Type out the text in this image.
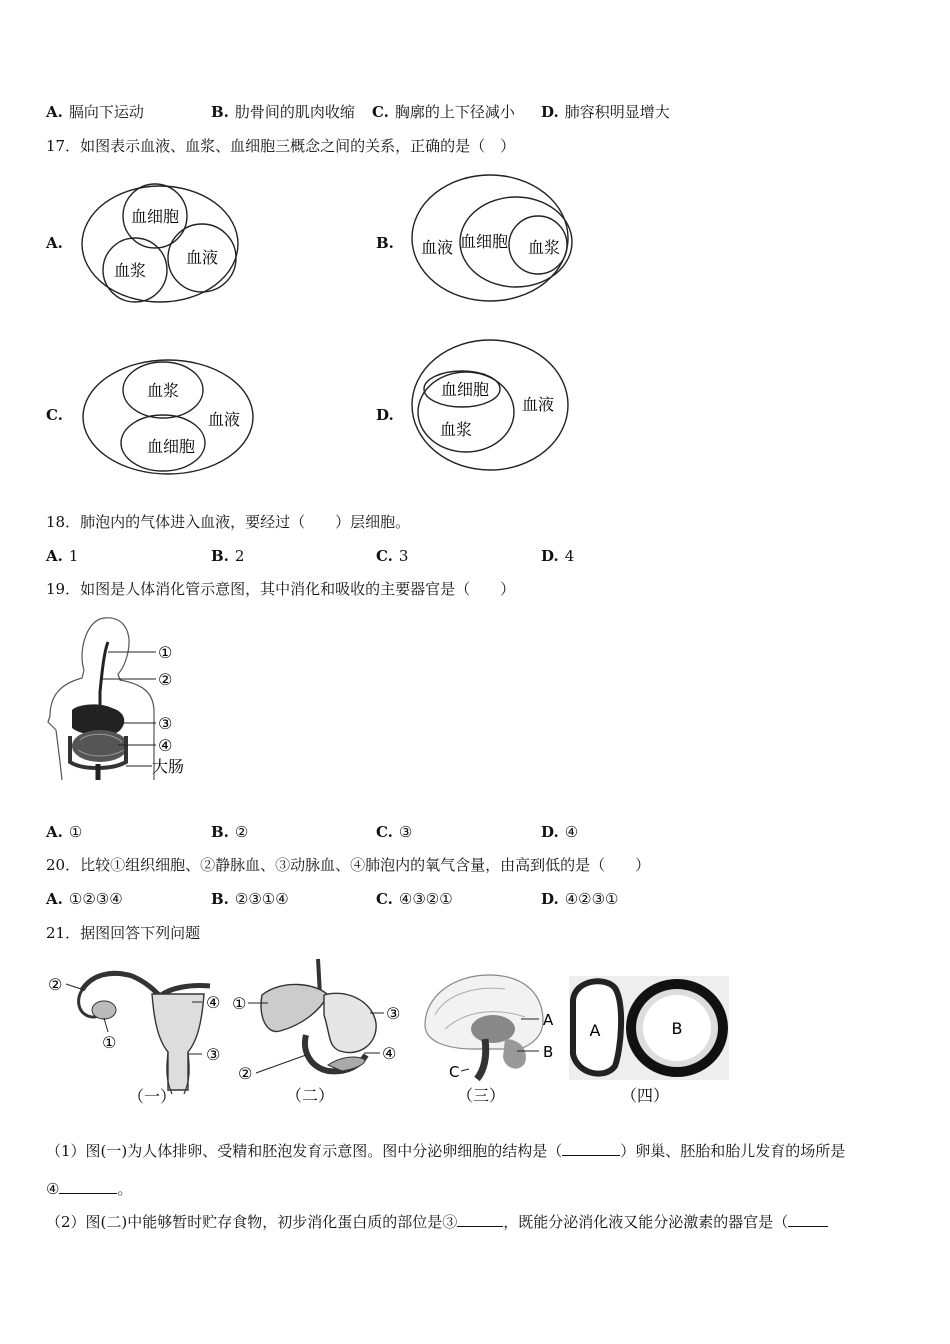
A. 膈向下运动	B. 肋骨间的肌肉收缩 C. 胸廓的上下径减小 D. 肺容积明显增大
17．如图表示血液、血浆、血细胞三概念之间的关系，正确的是（　）
A.
血细胞
血浆
血液
B.	血液 血细胞 血浆
C.
血浆
血液
血细胞
D.
血细胞
血液
血浆
18．肺泡内的气体进入血液，要经过（　　）层细胞。
A. 1	B. 2	C. 3	D. 4
19．如图是人体消化管示意图，其中消化和吸收的主要器官是（　　）
①
②
③
④
大肠
A. ①	B. ②	C. ③	D. ④
20．比较①组织细胞、②静脉血、③动脉血、④肺泡内的氧气含量，由高到低的是（　　）
A. ①②③④	B. ②③①④	C. ④③②①	D. ④②③①
21．据图回答下列问题
②
①
④
③
（一）
①
③
②
④
（二）
A
B
C
（三）
A	B
（四）
（1）图(一)为人体排卵、受精和胚泡发育示意图。图中分泌卵细胞的结构是（	）卵巢、胚胎和胎儿发育的场所是
④	。
（2）图(二)中能够暂时贮存食物，初步消化蛋白质的部位是③	，既能分泌消化液又能分泌激素的器官是（
